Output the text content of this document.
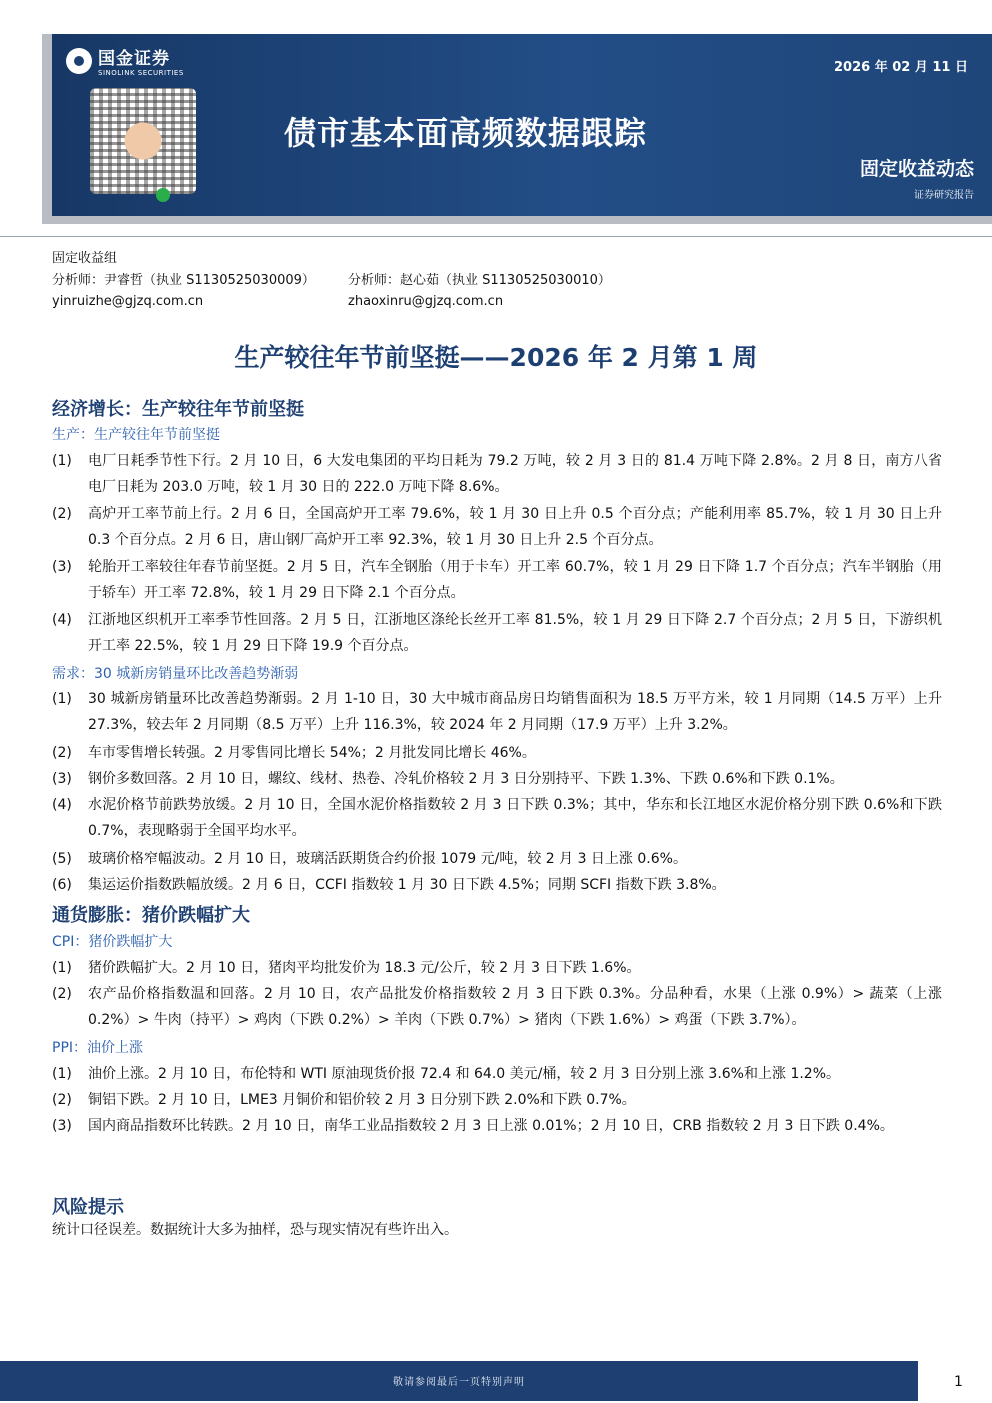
国金证券
SINOLINK SECURITIES
债市基本面高频数据跟踪
2026 年 02 月 11 日
固定收益动态
证券研究报告
固定收益组
分析师：尹睿哲（执业 S1130525030009）	分析师：赵心茹（执业 S1130525030010）
yinruizhe@gjzq.com.cn	zhaoxinru@gjzq.com.cn
生产较往年节前坚挺——2026 年 2 月第 1 周
经济增长：生产较往年节前坚挺
生产：生产较往年节前坚挺
(1)	电厂日耗季节性下行。2 月 10 日，6 大发电集团的平均日耗为 79.2 万吨，较 2 月 3 日的 81.4 万吨下降 2.8%。2 月 8 日，南方八省电厂日耗为 203.0 万吨，较 1 月 30 日的 222.0 万吨下降 8.6%。
(2)	高炉开工率节前上行。2 月 6 日，全国高炉开工率 79.6%，较 1 月 30 日上升 0.5 个百分点；产能利用率 85.7%，较 1 月 30 日上升 0.3 个百分点。2 月 6 日，唐山钢厂高炉开工率 92.3%，较 1 月 30 日上升 2.5 个百分点。
(3)	轮胎开工率较往年春节前坚挺。2 月 5 日，汽车全钢胎（用于卡车）开工率 60.7%，较 1 月 29 日下降 1.7 个百分点；汽车半钢胎（用于轿车）开工率 72.8%，较 1 月 29 日下降 2.1 个百分点。
(4)	江浙地区织机开工率季节性回落。2 月 5 日，江浙地区涤纶长丝开工率 81.5%，较 1 月 29 日下降 2.7 个百分点；2 月 5 日，下游织机开工率 22.5%，较 1 月 29 日下降 19.9 个百分点。
需求：30 城新房销量环比改善趋势渐弱
(1)	30 城新房销量环比改善趋势渐弱。2 月 1-10 日，30 大中城市商品房日均销售面积为 18.5 万平方米，较 1 月同期（14.5 万平）上升 27.3%，较去年 2 月同期（8.5 万平）上升 116.3%，较 2024 年 2 月同期（17.9 万平）上升 3.2%。
(2)	车市零售增长转强。2 月零售同比增长 54%；2 月批发同比增长 46%。
(3)	钢价多数回落。2 月 10 日，螺纹、线材、热卷、冷轧价格较 2 月 3 日分别持平、下跌 1.3%、下跌 0.6%和下跌 0.1%。
(4)	水泥价格节前跌势放缓。2 月 10 日，全国水泥价格指数较 2 月 3 日下跌 0.3%；其中，华东和长江地区水泥价格分别下跌 0.6%和下跌 0.7%，表现略弱于全国平均水平。
(5)	玻璃价格窄幅波动。2 月 10 日，玻璃活跃期货合约价报 1079 元/吨，较 2 月 3 日上涨 0.6%。
(6)	集运运价指数跌幅放缓。2 月 6 日，CCFI 指数较 1 月 30 日下跌 4.5%；同期 SCFI 指数下跌 3.8%。
通货膨胀：猪价跌幅扩大
CPI：猪价跌幅扩大
(1)	猪价跌幅扩大。2 月 10 日，猪肉平均批发价为 18.3 元/公斤，较 2 月 3 日下跌 1.6%。
(2)	农产品价格指数温和回落。2 月 10 日，农产品批发价格指数较 2 月 3 日下跌 0.3%。分品种看，水果（上涨 0.9%）> 蔬菜（上涨 0.2%）> 牛肉（持平）> 鸡肉（下跌 0.2%）> 羊肉（下跌 0.7%）> 猪肉（下跌 1.6%）> 鸡蛋（下跌 3.7%）。
PPI：油价上涨
(1)	油价上涨。2 月 10 日，布伦特和 WTI 原油现货价报 72.4 和 64.0 美元/桶，较 2 月 3 日分别上涨 3.6%和上涨 1.2%。
(2)	铜铝下跌。2 月 10 日，LME3 月铜价和铝价较 2 月 3 日分别下跌 2.0%和下跌 0.7%。
(3)	国内商品指数环比转跌。2 月 10 日，南华工业品指数较 2 月 3 日上涨 0.01%；2 月 10 日，CRB 指数较 2 月 3 日下跌 0.4%。
风险提示
统计口径误差。数据统计大多为抽样，恐与现实情况有些许出入。
敬请参阅最后一页特别声明	1
